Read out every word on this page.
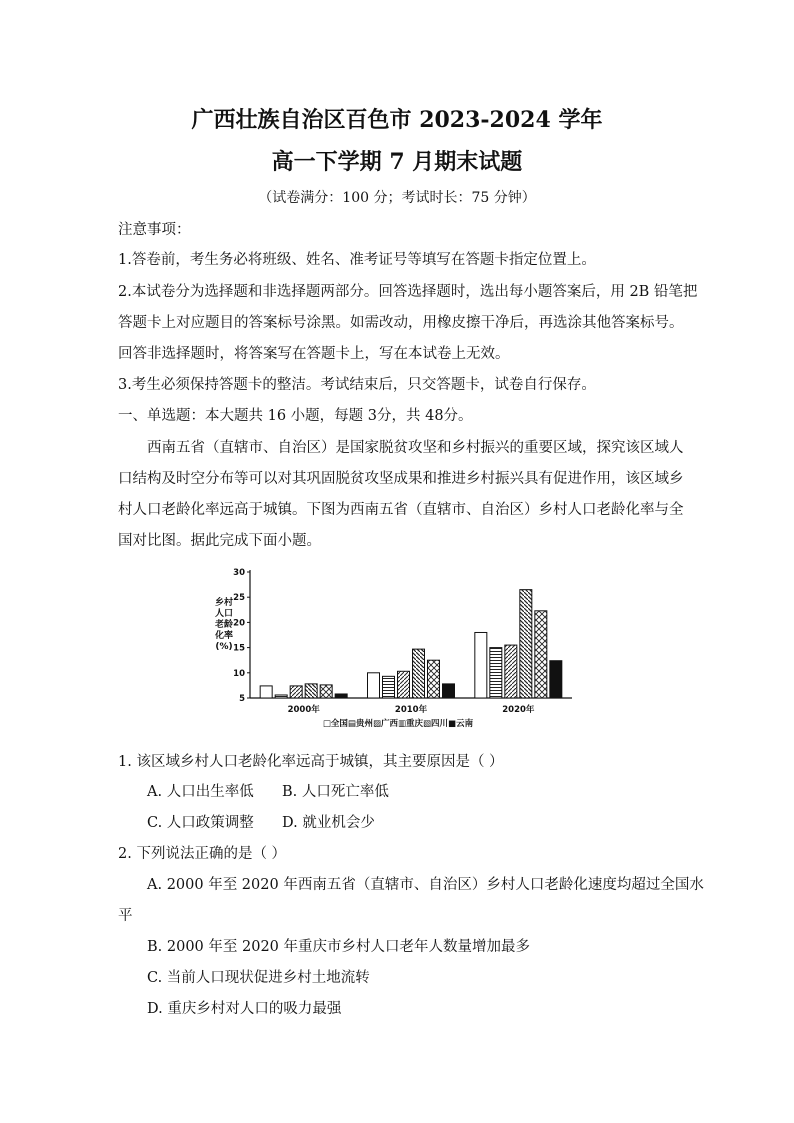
广西壮族自治区百色市 2023-2024 学年
高一下学期 7 月期末试题
（试卷满分：100 分；考试时长：75 分钟）
注意事项：
1.答卷前，考生务必将班级、姓名、准考证号等填写在答题卡指定位置上。
2.本试卷分为选择题和非选择题两部分。回答选择题时，选出每小题答案后，用 2B 铅笔把
答题卡上对应题目的答案标号涂黑。如需改动，用橡皮擦干净后，再选涂其他答案标号。
回答非选择题时，将答案写在答题卡上，写在本试卷上无效。
3.考生必须保持答题卡的整洁。考试结束后，只交答题卡，试卷自行保存。
一、单选题：本大题共 16 小题，每题 3分，共 48分。
西南五省（直辖市、自治区）是国家脱贫攻坚和乡村振兴的重要区域，探究该区域人
口结构及时空分布等可以对其巩固脱贫攻坚成果和推进乡村振兴具有促进作用，该区域乡
村人口老龄化率远高于城镇。下图为西南五省（直辖市、自治区）乡村人口老龄化率与全
国对比图。据此完成下面小题。
乡村人口老龄化率(%)
5
10
15
20
25
30
2000年	2010年	2020年
□全国▤贵州▨广西▥重庆▧四川■云南
1. 该区域乡村人口老龄化率远高于城镇，其主要原因是（ ）
A. 人口出生率低 B. 人口死亡率低
C. 人口政策调整 D. 就业机会少
2. 下列说法正确的是（ ）
A. 2000 年至 2020 年西南五省（直辖市、自治区）乡村人口老龄化速度均超过全国水
平
B. 2000 年至 2020 年重庆市乡村人口老年人数量增加最多
C. 当前人口现状促进乡村土地流转
D. 重庆乡村对人口的吸力最强
